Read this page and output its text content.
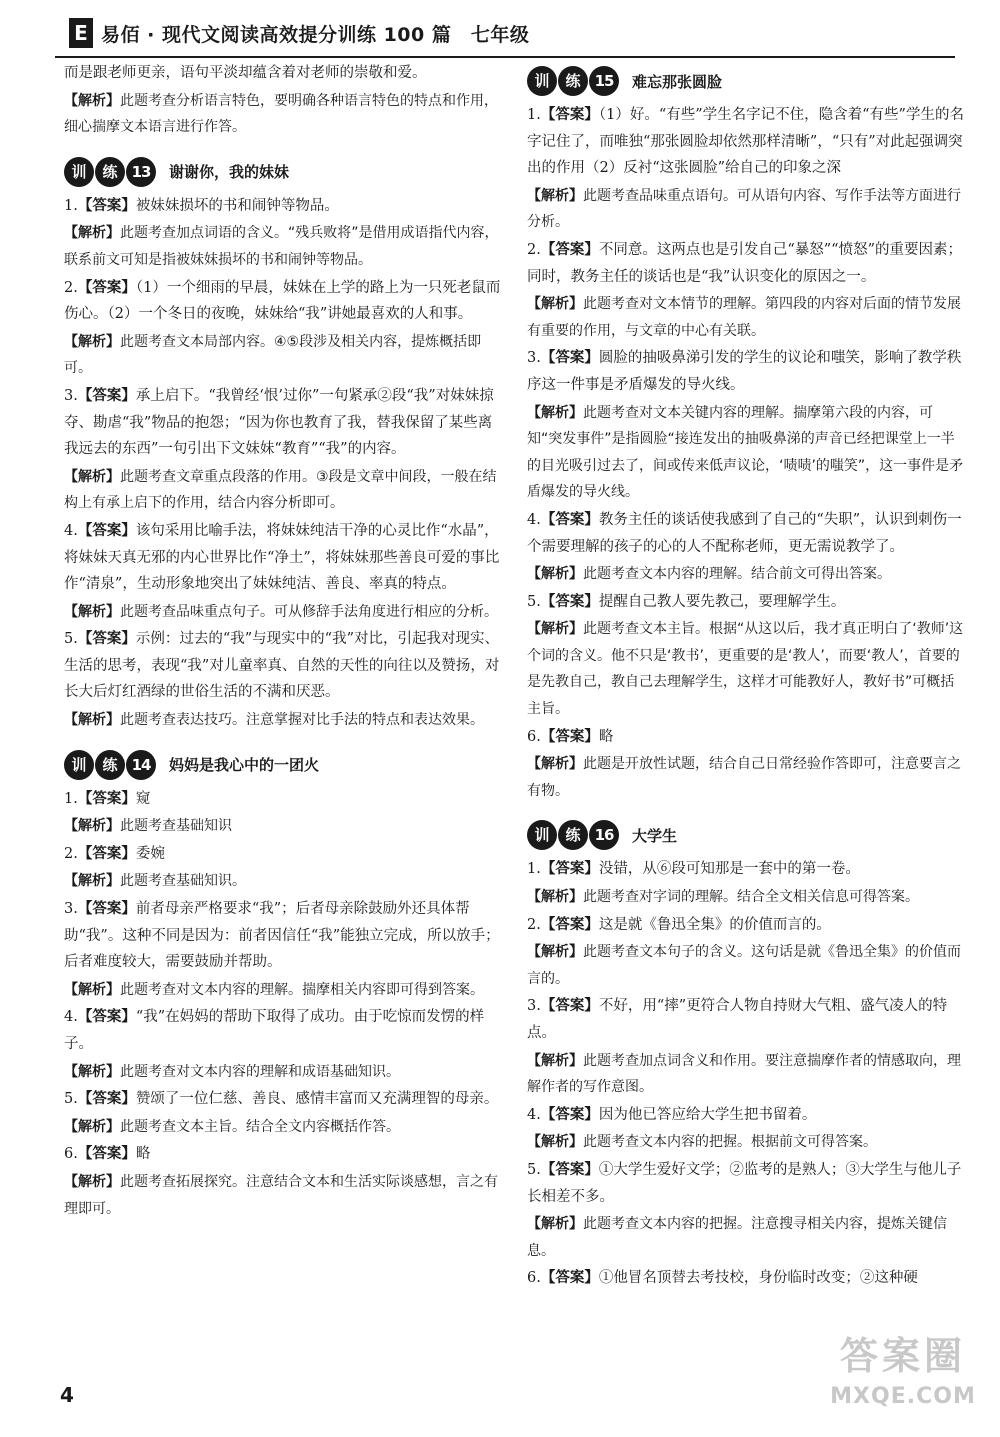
E 易佰 · 现代文阅读高效提分训练 100 篇　七年级

而是跟老师更亲，语句平淡却蕴含着对老师的崇敬和爱。

【解析】此题考查分析语言特色，要明确各种语言特色的特点和作用，细心揣摩文本语言进行作答。

训	练 13	谢谢你，我的妹妹

1.【答案】被妹妹损坏的书和闹钟等物品。

【解析】此题考查加点词语的含义。“残兵败将”是借用成语指代内容，联系前文可知是指被妹妹损坏的书和闹钟等物品。

2.【答案】（1）一个细雨的早晨，妹妹在上学的路上为一只死老鼠而伤心。（2）一个冬日的夜晚，妹妹给“我”讲她最喜欢的人和事。

【解析】此题考查文本局部内容。④⑤段涉及相关内容，提炼概括即可。

3.【答案】承上启下。“我曾经‘恨’过你”一句紧承②段“我”对妹妹掠夺、勘虐“我”物品的抱怨；“因为你也教育了我，替我保留了某些离我远去的东西”一句引出下文妹妹“教育”“我”的内容。

【解析】此题考查文章重点段落的作用。③段是文章中间段，一般在结构上有承上启下的作用，结合内容分析即可。

4.【答案】该句采用比喻手法，将妹妹纯洁干净的心灵比作“水晶”，将妹妹天真无邪的内心世界比作“净土”，将妹妹那些善良可爱的事比作“清泉”，生动形象地突出了妹妹纯洁、善良、率真的特点。

【解析】此题考查品味重点句子。可从修辞手法角度进行相应的分析。

5.【答案】示例：过去的“我”与现实中的“我”对比，引起我对现实、生活的思考，表现“我”对儿童率真、自然的天性的向往以及赞扬，对长大后灯红酒绿的世俗生活的不满和厌恶。

【解析】此题考查表达技巧。注意掌握对比手法的特点和表达效果。

训	练 14	妈妈是我心中的一团火

1.【答案】窥

【解析】此题考查基础知识

2.【答案】委婉

【解析】此题考查基础知识。

3.【答案】前者母亲严格要求“我”；后者母亲除鼓励外还具体帮助“我”。这种不同是因为：前者因信任“我”能独立完成，所以放手；后者难度较大，需要鼓励并帮助。

【解析】此题考查对文本内容的理解。揣摩相关内容即可得到答案。

4.【答案】“我”在妈妈的帮助下取得了成功。由于吃惊而发愣的样子。

【解析】此题考查对文本内容的理解和成语基础知识。

5.【答案】赞颂了一位仁慈、善良、感情丰富而又充满理智的母亲。

【解析】此题考查文本主旨。结合全文内容概括作答。

6.【答案】略

【解析】此题考查拓展探究。注意结合文本和生活实际谈感想，言之有理即可。

训	练 15	难忘那张圆脸

1.【答案】（1）好。“有些”学生名字记不住，隐含着“有些”学生的名字记住了，而唯独“那张圆脸却依然那样清晰”，“只有”对此起强调突出的作用（2）反衬“这张圆脸”给自己的印象之深

【解析】此题考查品味重点语句。可从语句内容、写作手法等方面进行分析。

2.【答案】不同意。这两点也是引发自己“暴怒”“愤怒”的重要因素；同时，教务主任的谈话也是“我”认识变化的原因之一。

【解析】此题考查对文本情节的理解。第四段的内容对后面的情节发展有重要的作用，与文章的中心有关联。

3.【答案】圆脸的抽吸鼻涕引发的学生的议论和嗤笑，影响了教学秩序这一件事是矛盾爆发的导火线。

【解析】此题考查对文本关键内容的理解。揣摩第六段的内容，可知“突发事件”是指圆脸“接连发出的抽吸鼻涕的声音已经把课堂上一半的目光吸引过去了，间或传来低声议论，‘啧啧’的嗤笑”，这一事件是矛盾爆发的导火线。

4.【答案】教务主任的谈话使我感到了自己的“失职”，认识到刺伤一个需要理解的孩子的心的人不配称老师，更无需说教学了。

【解析】此题考查文本内容的理解。结合前文可得出答案。

5.【答案】提醒自己教人要先教己，要理解学生。

【解析】此题考查文本主旨。根据“从这以后，我才真正明白了‘教师’这个词的含义。他不只是‘教书’，更重要的是‘教人’，而要‘教人’，首要的是先教自己，教自己去理解学生，这样才可能教好人，教好书”可概括主旨。

6.【答案】略

【解析】此题是开放性试题，结合自己日常经验作答即可，注意要言之有物。

训	练 16	大学生

1.【答案】没错，从⑥段可知那是一套中的第一卷。

【解析】此题考查对字词的理解。结合全文相关信息可得答案。

2.【答案】这是就《鲁迅全集》的价值而言的。

【解析】此题考查文本句子的含义。这句话是就《鲁迅全集》的价值而言的。

3.【答案】不好，用“摔”更符合人物自持财大气粗、盛气凌人的特点。

【解析】此题考查加点词含义和作用。要注意揣摩作者的情感取向，理解作者的写作意图。

4.【答案】因为他已答应给大学生把书留着。

【解析】此题考查文本内容的把握。根据前文可得答案。

5.【答案】①大学生爱好文学；②监考的是熟人；③大学生与他儿子长相差不多。

【解析】此题考查文本内容的把握。注意搜寻相关内容，提炼关键信息。

6.【答案】①他冒名顶替去考技校，身份临时改变；②这种硬

4
答案圈
MXQE.COM
